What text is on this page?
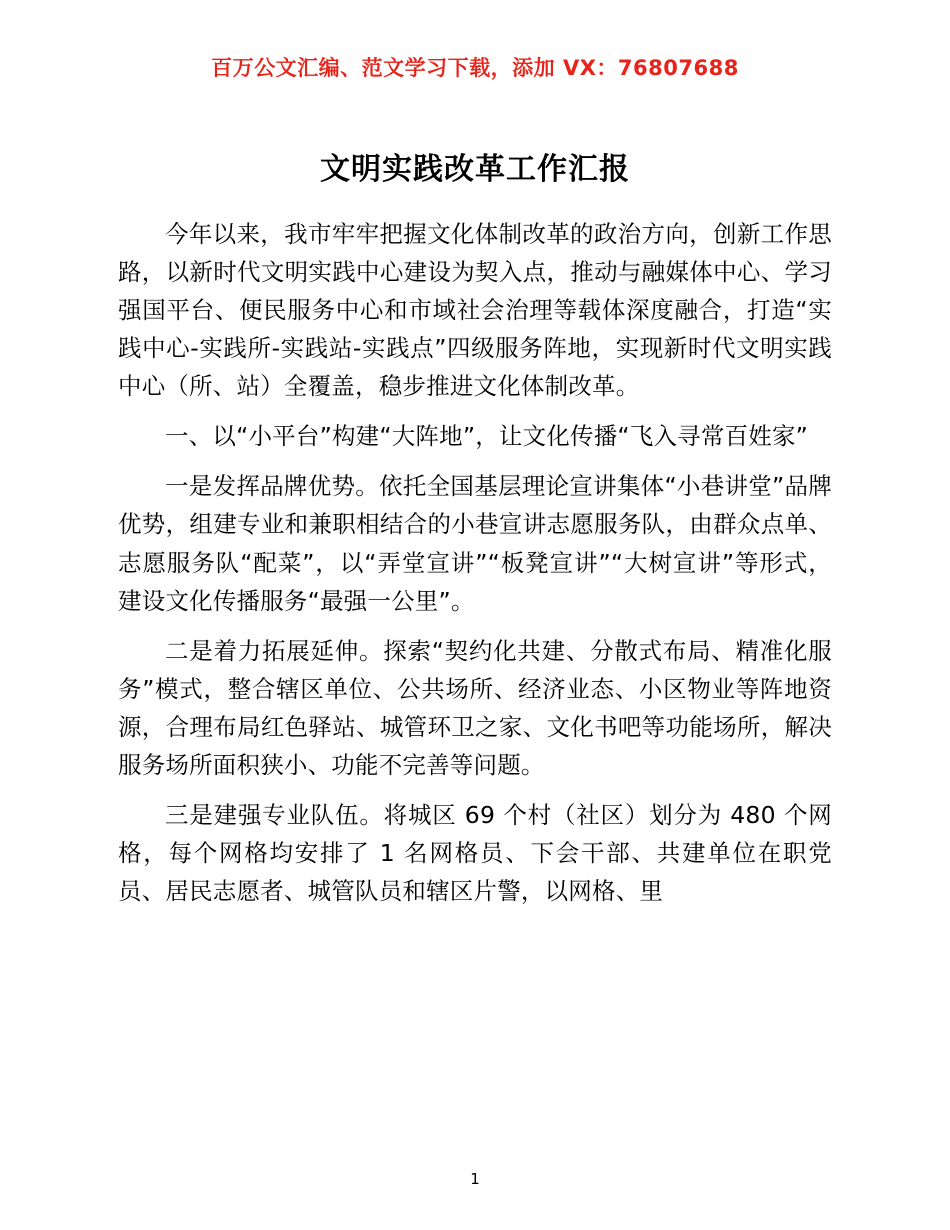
百万公文汇编、范文学习下载，添加 VX：76807688
文明实践改革工作汇报

今年以来，我市牢牢把握文化体制改革的政治方向，创新工作思路，以新时代文明实践中心建设为契入点，推动与融媒体中心、学习强国平台、便民服务中心和市域社会治理等载体深度融合，打造“实践中心-实践所-实践站-实践点”四级服务阵地，实现新时代文明实践中心（所、站）全覆盖，稳步推进文化体制改革。

一、以“小平台”构建“大阵地”，让文化传播“飞入寻常百姓家”

一是发挥品牌优势。依托全国基层理论宣讲集体“小巷讲堂”品牌优势，组建专业和兼职相结合的小巷宣讲志愿服务队，由群众点单、志愿服务队“配菜”，以“弄堂宣讲”“板凳宣讲”“大树宣讲”等形式，建设文化传播服务“最强一公里”。

二是着力拓展延伸。探索“契约化共建、分散式布局、精准化服务”模式，整合辖区单位、公共场所、经济业态、小区物业等阵地资源，合理布局红色驿站、城管环卫之家、文化书吧等功能场所，解决服务场所面积狭小、功能不完善等问题。

三是建强专业队伍。将城区 69 个村（社区）划分为 480 个网格，每个网格均安排了 1 名网格员、下会干部、共建单位在职党员、居民志愿者、城管队员和辖区片警，以网格、里

1
